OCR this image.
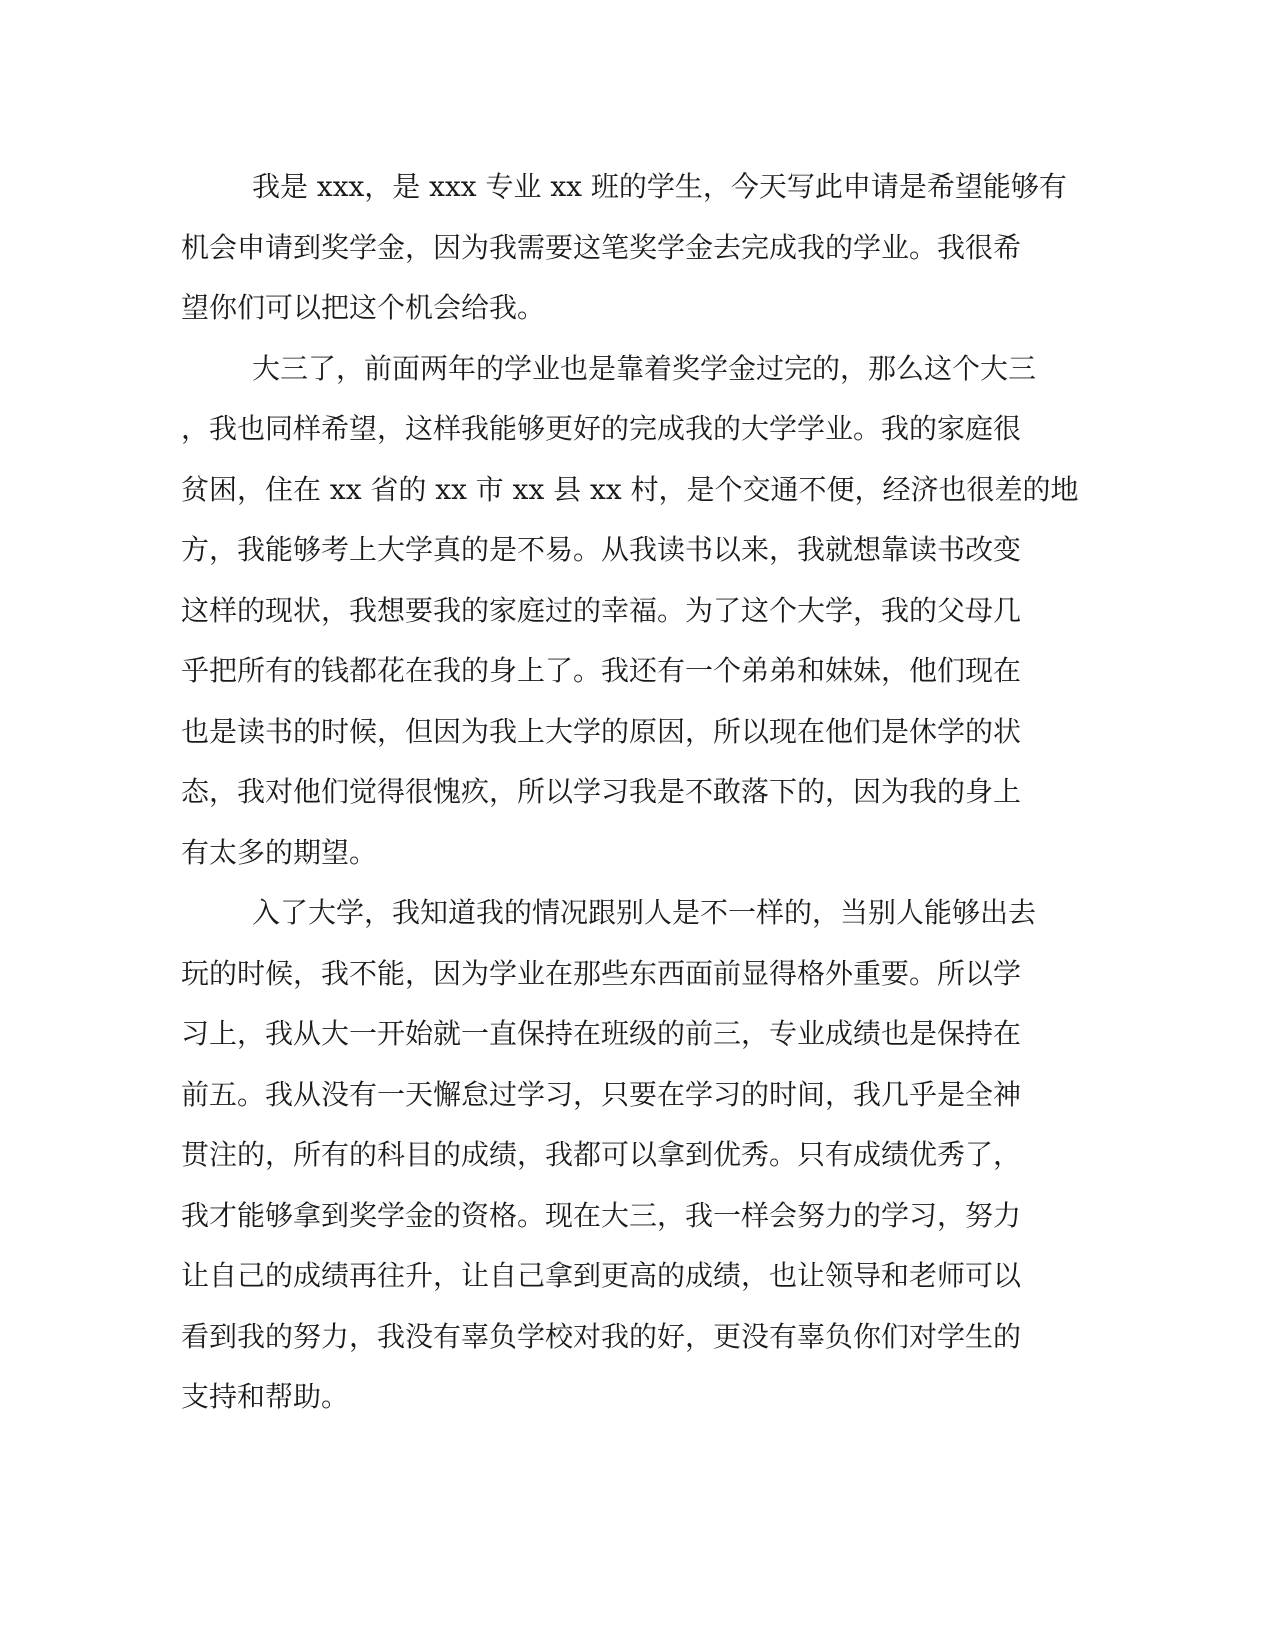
我是 xxx，是 xxx 专业 xx 班的学生，今天写此申请是希望能够有
机会申请到奖学金，因为我需要这笔奖学金去完成我的学业。我很希
望你们可以把这个机会给我。
大三了，前面两年的学业也是靠着奖学金过完的，那么这个大三
，我也同样希望，这样我能够更好的完成我的大学学业。我的家庭很
贫困，住在 xx 省的 xx 市 xx 县 xx 村，是个交通不便，经济也很差的地
方，我能够考上大学真的是不易。从我读书以来，我就想靠读书改变
这样的现状，我想要我的家庭过的幸福。为了这个大学，我的父母几
乎把所有的钱都花在我的身上了。我还有一个弟弟和妹妹，他们现在
也是读书的时候，但因为我上大学的原因，所以现在他们是休学的状
态，我对他们觉得很愧疚，所以学习我是不敢落下的，因为我的身上
有太多的期望。
入了大学，我知道我的情况跟别人是不一样的，当别人能够出去
玩的时候，我不能，因为学业在那些东西面前显得格外重要。所以学
习上，我从大一开始就一直保持在班级的前三，专业成绩也是保持在
前五。我从没有一天懈怠过学习，只要在学习的时间，我几乎是全神
贯注的，所有的科目的成绩，我都可以拿到优秀。只有成绩优秀了，
我才能够拿到奖学金的资格。现在大三，我一样会努力的学习，努力
让自己的成绩再往升，让自己拿到更高的成绩，也让领导和老师可以
看到我的努力，我没有辜负学校对我的好，更没有辜负你们对学生的
支持和帮助。
